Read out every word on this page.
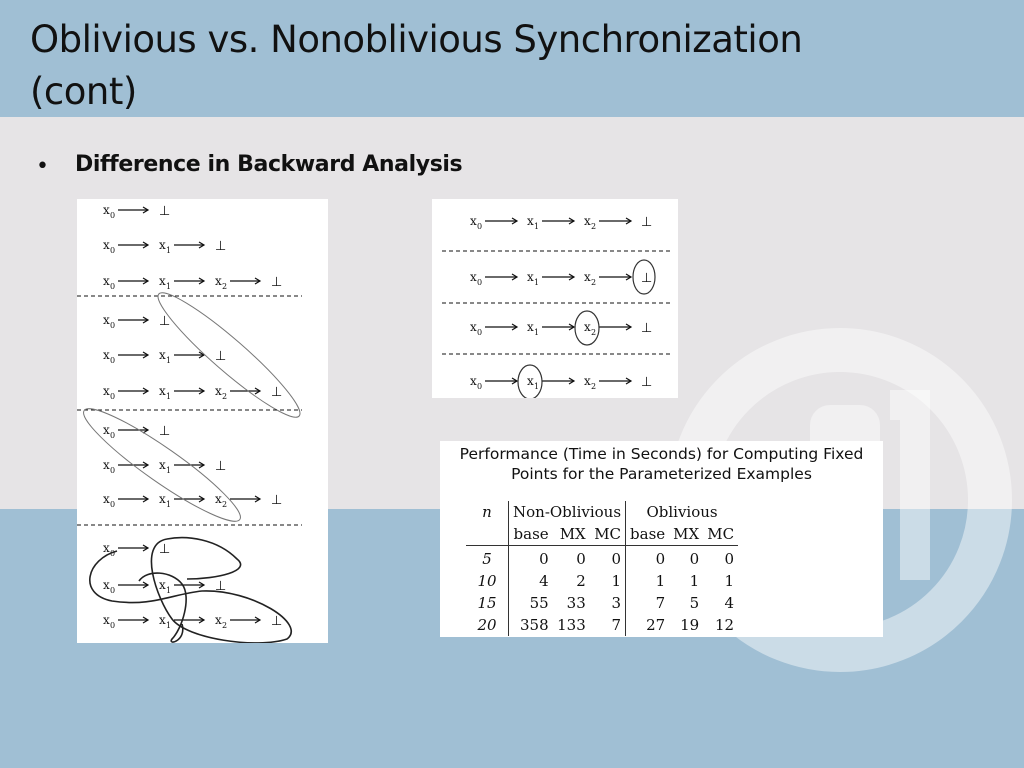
Oblivious vs. Nonoblivious Synchronization
(cont)
• Difference in Backward Analysis
x 0	⊥
x 0	x 1	⊥
x 0	x 1	x 2	⊥
x 0	⊥
x 0	x 1	⊥
x 0	x 1	x 2	⊥
x 0	⊥
x 0	x 1	⊥
x 0	x 1	x 2	⊥
x 0	⊥
x 0	x 1	⊥
x 0	x 1	x 2	⊥
x 0	x 1	x 2	⊥
x 0	x 1	x 2	⊥
x 0	x 1	x 2	⊥
x 0	x 1	x 2	⊥
Performance (Time in Seconds) for Computing Fixed
Points for the Parameterized Examples
n	Non-Oblivious			Oblivious		
	base	MX	MC	base	MX	MC
5	0	0	0	0	0	0
10	4	2	1	1	1	1
15	55	33	3	7	5	4
20	358	133	7	27	19	12
